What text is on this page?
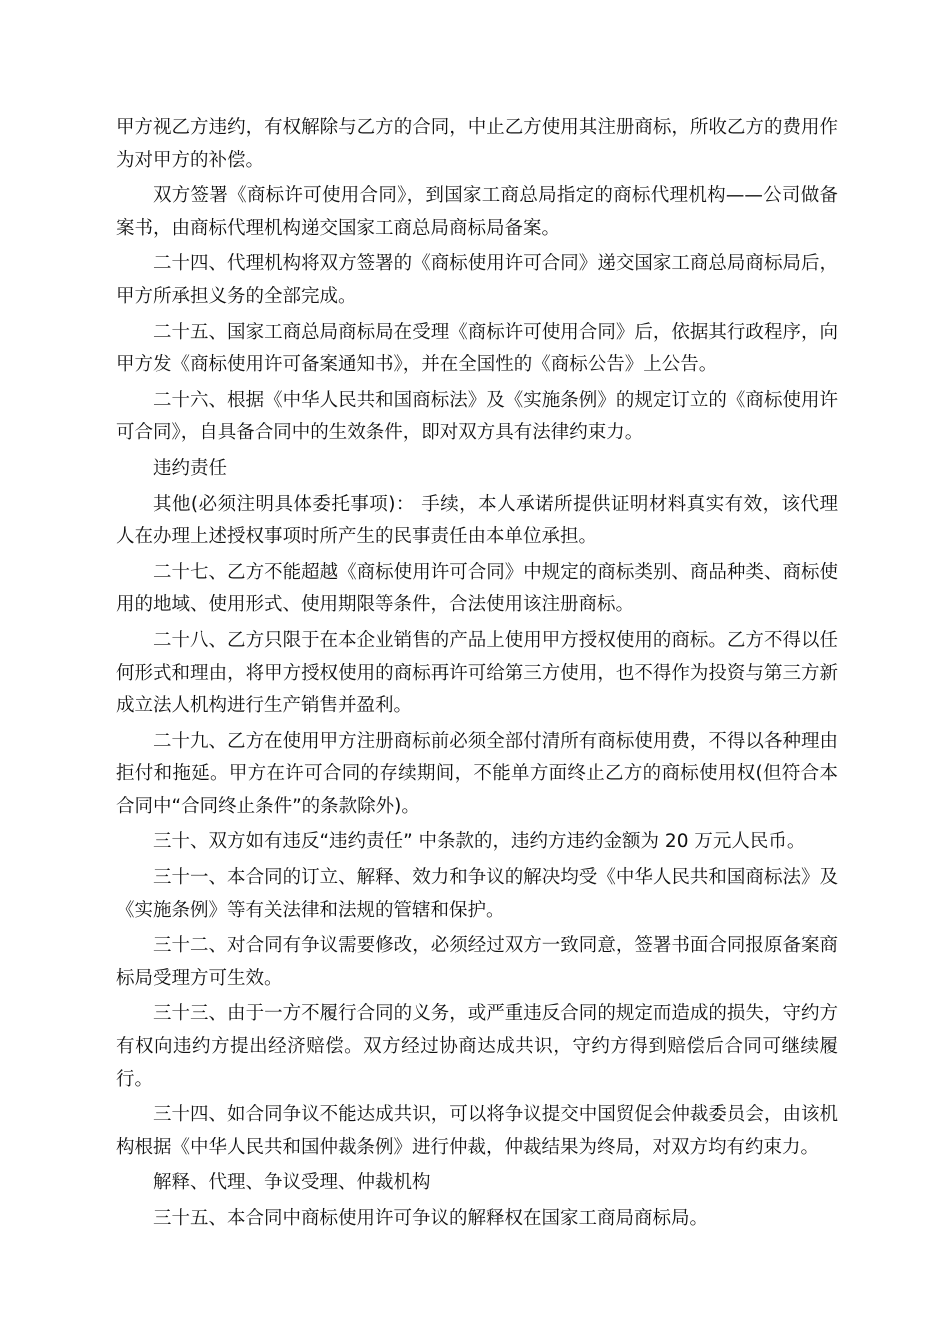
甲方视乙方违约，有权解除与乙方的合同，中止乙方使用其注册商标，所收乙方的费用作为对甲方的补偿。

双方签署《商标许可使用合同》，到国家工商总局指定的商标代理机构——公司做备案书，由商标代理机构递交国家工商总局商标局备案。

二十四、代理机构将双方签署的《商标使用许可合同》递交国家工商总局商标局后，甲方所承担义务的全部完成。

二十五、国家工商总局商标局在受理《商标许可使用合同》后，依据其行政程序，向甲方发《商标使用许可备案通知书》，并在全国性的《商标公告》上公告。

二十六、根据《中华人民共和国商标法》及《实施条例》的规定订立的《商标使用许可合同》，自具备合同中的生效条件，即对双方具有法律约束力。

违约责任

其他(必须注明具体委托事项)： 手续，本人承诺所提供证明材料真实有效，该代理人在办理上述授权事项时所产生的民事责任由本单位承担。

二十七、乙方不能超越《商标使用许可合同》中规定的商标类别、商品种类、商标使用的地域、使用形式、使用期限等条件，合法使用该注册商标。

二十八、乙方只限于在本企业销售的产品上使用甲方授权使用的商标。乙方不得以任何形式和理由，将甲方授权使用的商标再许可给第三方使用，也不得作为投资与第三方新成立法人机构进行生产销售并盈利。

二十九、乙方在使用甲方注册商标前必须全部付清所有商标使用费，不得以各种理由拒付和拖延。甲方在许可合同的存续期间，不能单方面终止乙方的商标使用权(但符合本合同中“合同终止条件”的条款除外)。

三十、双方如有违反“违约责任” 中条款的，违约方违约金额为 20 万元人民币。

三十一、本合同的订立、解释、效力和争议的解决均受《中华人民共和国商标法》及《实施条例》等有关法律和法规的管辖和保护。

三十二、对合同有争议需要修改，必须经过双方一致同意，签署书面合同报原备案商标局受理方可生效。

三十三、由于一方不履行合同的义务，或严重违反合同的规定而造成的损失，守约方有权向违约方提出经济赔偿。双方经过协商达成共识，守约方得到赔偿后合同可继续履行。

三十四、如合同争议不能达成共识，可以将争议提交中国贸促会仲裁委员会，由该机构根据《中华人民共和国仲裁条例》进行仲裁，仲裁结果为终局，对双方均有约束力。

解释、代理、争议受理、仲裁机构

三十五、本合同中商标使用许可争议的解释权在国家工商局商标局。
